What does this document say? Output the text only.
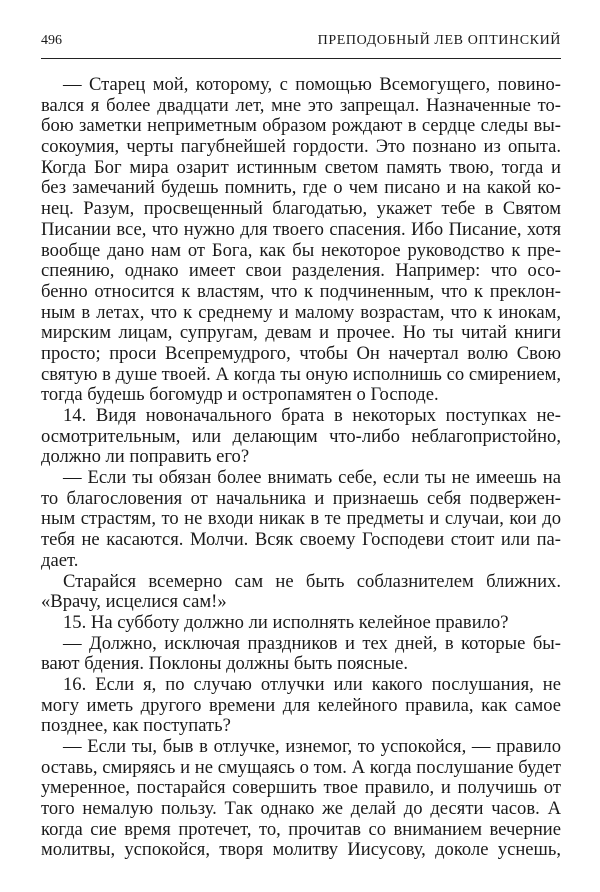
496	ПРЕПОДОБНЫЙ ЛЕВ ОПТИНСКИЙ
— Старец мой, которому, с помощью Всемогущего, повино-
вался я более двадцати лет, мне это запрещал. Назначенные то-
бою заметки неприметным образом рождают в сердце следы вы-
сокоумия, черты пагубнейшей гордости. Это познано из опыта.
Когда Бог мира озарит истинным светом память твою, тогда и
без замечаний будешь помнить, где о чем писано и на какой ко-
нец. Разум, просвещенный благодатью, укажет тебе в Святом
Писании все, что нужно для твоего спасения. Ибо Писание, хотя
вообще дано нам от Бога, как бы некоторое руководство к пре-
спеянию, однако имеет свои разделения. Например: что осо-
бенно относится к властям, что к подчиненным, что к преклон-
ным в летах, что к среднему и малому возрастам, что к инокам,
мирским лицам, супругам, девам и прочее. Но ты читай книги
просто; проси Всепремудрого, чтобы Он начертал волю Свою
святую в душе твоей. А когда ты оную исполнишь со смирением,
тогда будешь богомудр и остропамятен о Господе.
14. Видя новоначального брата в некоторых поступках не-
осмотрительным, или делающим что-либо неблагопристойно,
должно ли поправить его?
— Если ты обязан более внимать себе, если ты не имеешь на
то благословения от начальника и признаешь себя подвержен-
ным страстям, то не входи никак в те предметы и случаи, кои до
тебя не касаются. Молчи. Всяк своему Господеви стоит или па-
дает.
Старайся всемерно сам не быть соблазнителем ближних.
«Врачу, исцелися сам!»
15. На субботу должно ли исполнять келейное правило?
— Должно, исключая праздников и тех дней, в которые бы-
вают бдения. Поклоны должны быть поясные.
16. Если я, по случаю отлучки или какого послушания, не
могу иметь другого времени для келейного правила, как самое
позднее, как поступать?
— Если ты, быв в отлучке, изнемог, то успокойся, — правило
оставь, смиряясь и не смущаясь о том. А когда послушание будет
умеренное, постарайся совершить твое правило, и получишь от
того немалую пользу. Так однако же делай до десяти часов. А
когда сие время протечет, то, прочитав со вниманием вечерние
молитвы, успокойся, творя молитву Иисусову, доколе уснешь,
